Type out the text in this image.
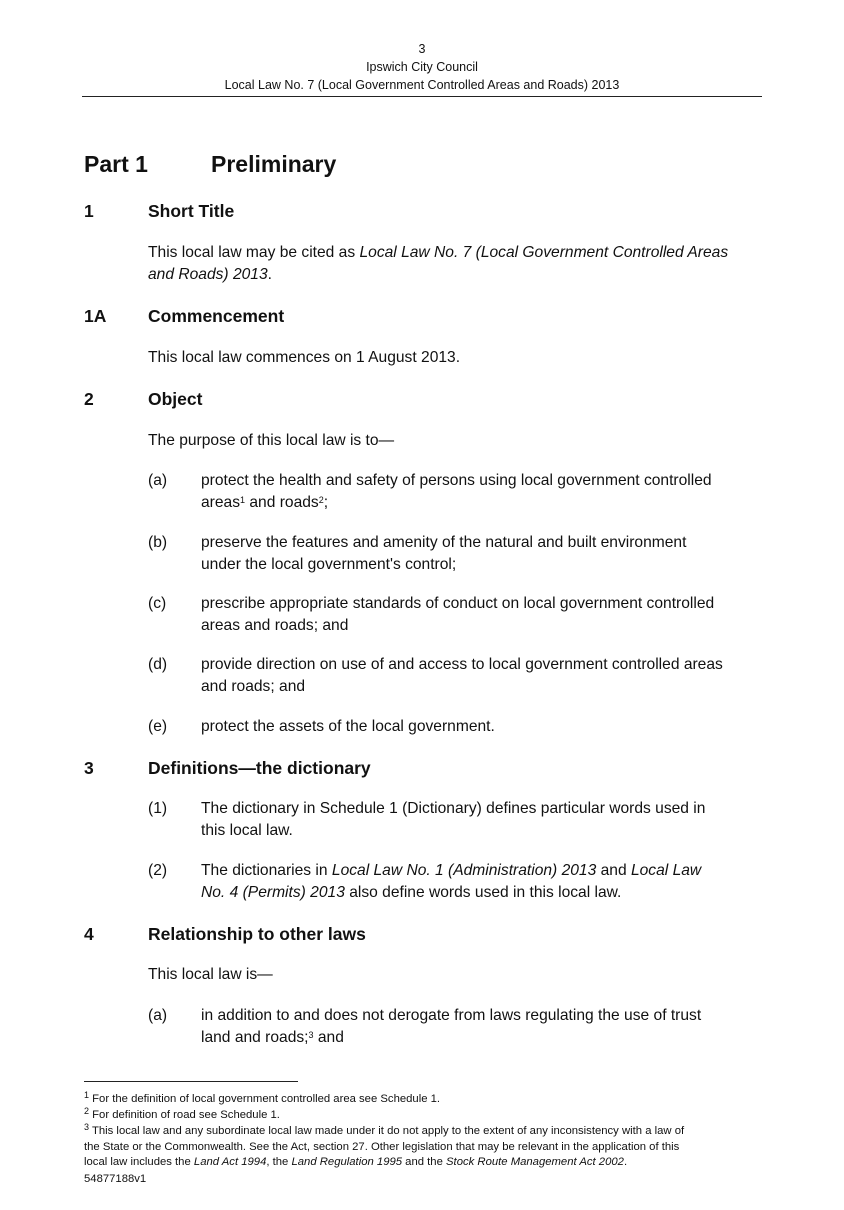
3
Ipswich City Council
Local Law No. 7 (Local Government Controlled Areas and Roads) 2013
Part 1	Preliminary
1	Short Title
This local law may be cited as Local Law No. 7 (Local Government Controlled Areas
and Roads) 2013.
1A Commencement
This local law commences on 1 August 2013.
2	Object
The purpose of this local law is to—
(a) protect the health and safety of persons using local government controlled
areas$^1$ and roads$^2$;
(b) preserve the features and amenity of the natural and built environment
under the local government's control;
(c) prescribe appropriate standards of conduct on local government controlled
areas and roads; and
(d) provide direction on use of and access to local government controlled areas
and roads; and
(e) protect the assets of the local government.
3	Definitions—the dictionary
(1) The dictionary in Schedule 1 (Dictionary) defines particular words used in
this local law.
(2) The dictionaries in Local Law No. 1 (Administration) 2013 and Local Law
No. 4 (Permits) 2013 also define words used in this local law.
4	Relationship to other laws
This local law is—
(a) in addition to and does not derogate from laws regulating the use of trust
land and roads;$^3$ and
$^1$ For the definition of local government controlled area see Schedule 1.
$^2$ For definition of road see Schedule 1.
$^3$ This local law and any subordinate local law made under it do not apply to the extent of any inconsistency with a law of
the State or the Commonwealth. See the Act, section 27. Other legislation that may be relevant in the application of this
local law includes the Land Act 1994, the Land Regulation 1995 and the Stock Route Management Act 2002.
54877188v1
